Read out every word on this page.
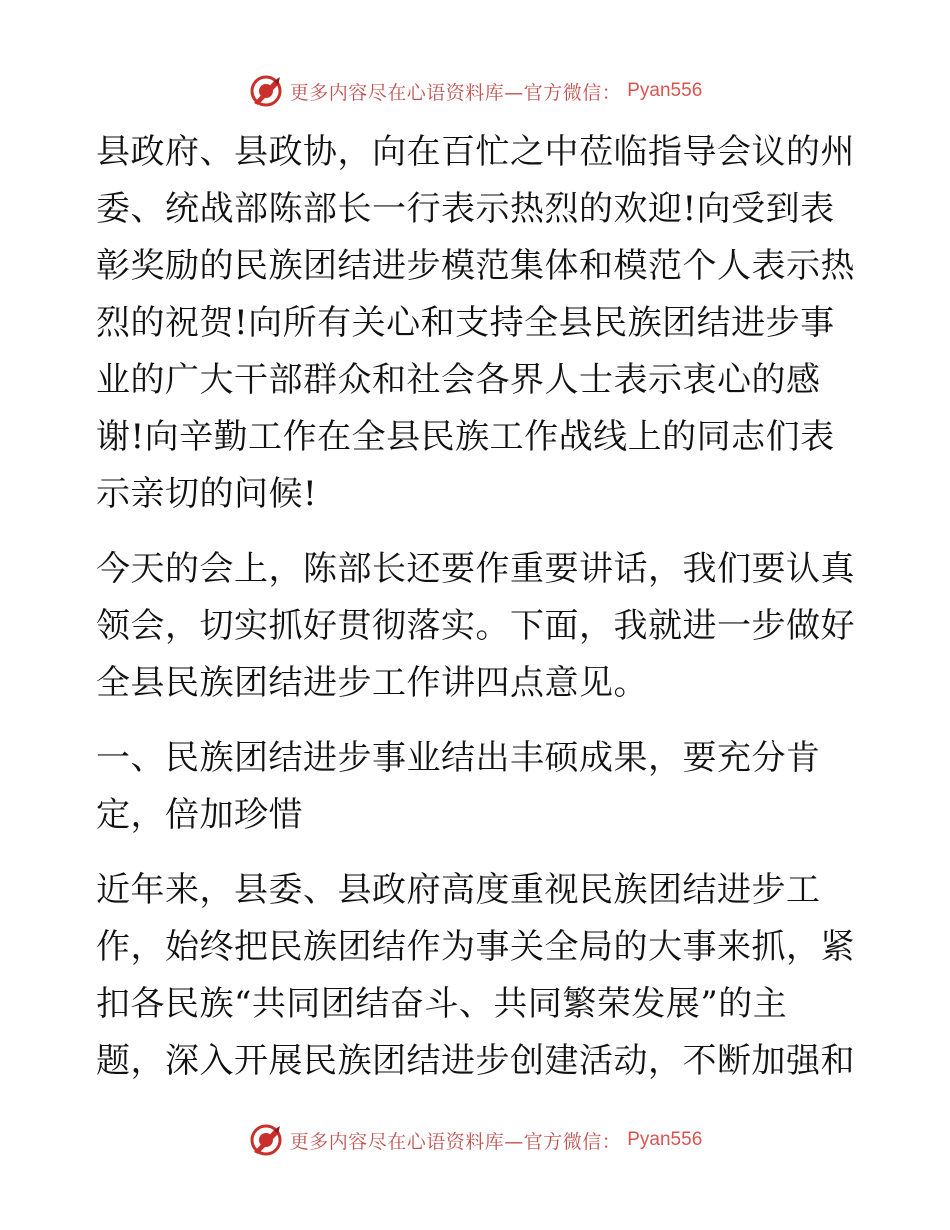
更多内容尽在心语资料库—官方微信： Pyan556

县政府、县政协，向在百忙之中莅临指导会议的州委、统战部陈部长一行表示热烈的欢迎!向受到表彰奖励的民族团结进步模范集体和模范个人表示热烈的祝贺!向所有关心和支持全县民族团结进步事业的广大干部群众和社会各界人士表示衷心的感谢!向辛勤工作在全县民族工作战线上的同志们表示亲切的问候!

今天的会上，陈部长还要作重要讲话，我们要认真领会，切实抓好贯彻落实。下面，我就进一步做好全县民族团结进步工作讲四点意见。

一、民族团结进步事业结出丰硕成果，要充分肯定，倍加珍惜

近年来，县委、县政府高度重视民族团结进步工作，始终把民族团结作为事关全局的大事来抓，紧扣各民族“共同团结奋斗、共同繁荣发展”的主题，深入开展民族团结进步创建活动，不断加强和

更多内容尽在心语资料库—官方微信： Pyan556
